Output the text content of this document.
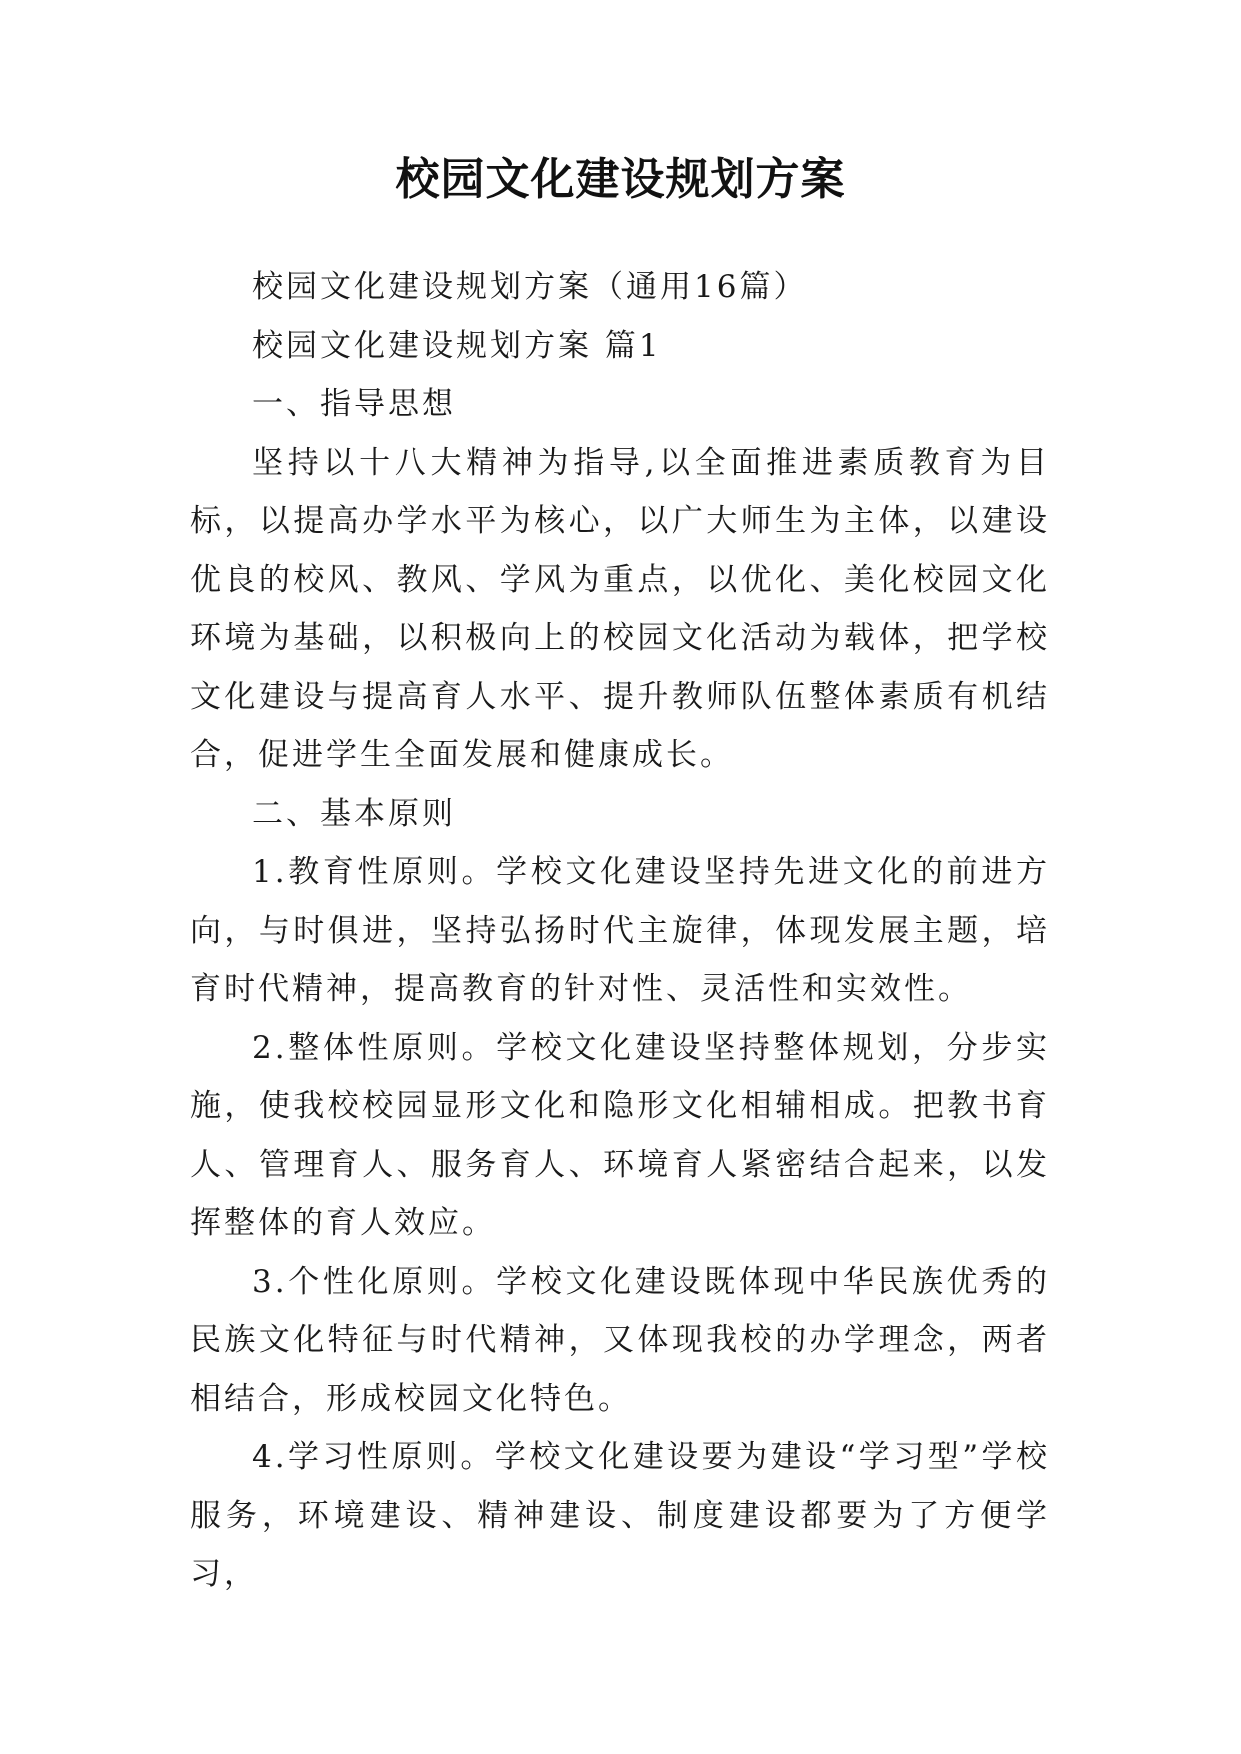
校园文化建设规划方案

校园文化建设规划方案（通用16篇）

校园文化建设规划方案 篇1

一、指导思想

坚持以十八大精神为指导,以全面推进素质教育为目标，以提高办学水平为核心，以广大师生为主体，以建设优良的校风、教风、学风为重点，以优化、美化校园文化环境为基础，以积极向上的校园文化活动为载体，把学校文化建设与提高育人水平、提升教师队伍整体素质有机结合，促进学生全面发展和健康成长。

二、基本原则

1.教育性原则。学校文化建设坚持先进文化的前进方向，与时俱进，坚持弘扬时代主旋律，体现发展主题，培育时代精神，提高教育的针对性、灵活性和实效性。

2.整体性原则。学校文化建设坚持整体规划，分步实施，使我校校园显形文化和隐形文化相辅相成。把教书育人、管理育人、服务育人、环境育人紧密结合起来，以发挥整体的育人效应。

3.个性化原则。学校文化建设既体现中华民族优秀的民族文化特征与时代精神，又体现我校的办学理念，两者相结合，形成校园文化特色。

4.学习性原则。学校文化建设要为建设“学习型”学校服务，环境建设、精神建设、制度建设都要为了方便学习，
